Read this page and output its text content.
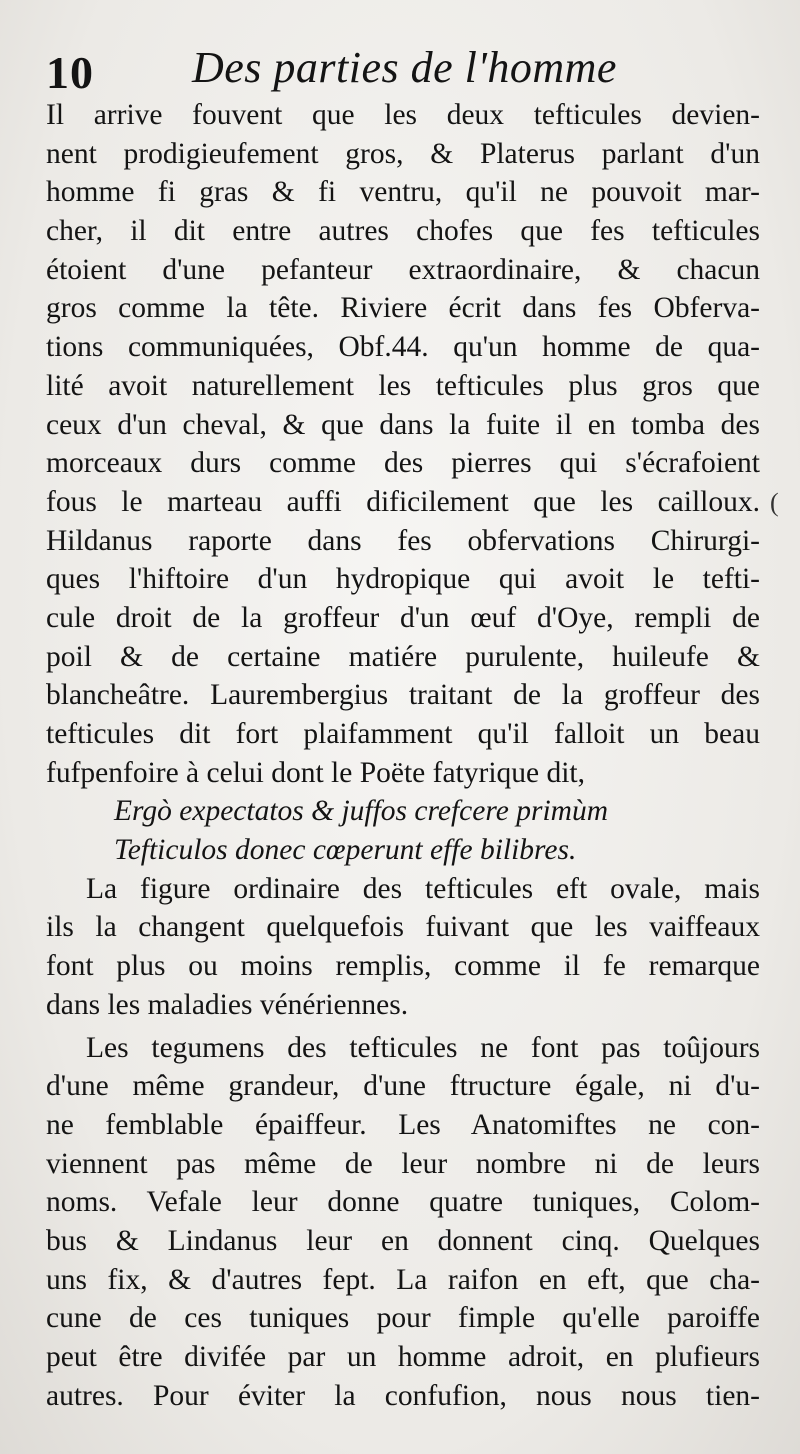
10 Des parties de l'homme
Il arrive fouvent que les deux tefticules devien-
nent prodigieufement gros, & Platerus parlant d'un
homme fi gras & fi ventru, qu'il ne pouvoit mar-
cher, il dit entre autres chofes que fes tefticules
étoient d'une pefanteur extraordinaire, & chacun
gros comme la tête. Riviere écrit dans fes Obferva-
tions communiquées, Obf.44. qu'un homme de qua-
lité avoit naturellement les tefticules plus gros que
ceux d'un cheval, & que dans la fuite il en tomba des
morceaux durs comme des pierres qui s'écrafoient
fous le marteau auffi dificilement que les cailloux.
Hildanus raporte dans fes obfervations Chirurgi-
ques l'hiftoire d'un hydropique qui avoit le tefti-
cule droit de la groffeur d'un œuf d'Oye, rempli de
poil & de certaine matiére purulente, huileufe &
blancheâtre. Laurembergius traitant de la groffeur des
tefticules dit fort plaifamment qu'il falloit un beau
fufpenfoire à celui dont le Poëte fatyrique dit,
Ergò expectatos & juffos crefcere primùm
Tefticulos donec cœperunt effe bilibres.
La figure ordinaire des tefticules eft ovale, mais
ils la changent quelquefois fuivant que les vaiffeaux
font plus ou moins remplis, comme il fe remarque
dans les maladies vénériennes.
Les tegumens des tefticules ne font pas toûjours
d'une même grandeur, d'une ftructure égale, ni d'u-
ne femblable épaiffeur. Les Anatomiftes ne con-
viennent pas même de leur nombre ni de leurs
noms. Vefale leur donne quatre tuniques, Colom-
bus & Lindanus leur en donnent cinq. Quelques
uns fix, & d'autres fept. La raifon en eft, que cha-
cune de ces tuniques pour fimple qu'elle paroiffe
peut être divifée par un homme adroit, en plufieurs
autres. Pour éviter la confufion, nous nous tien-
(
